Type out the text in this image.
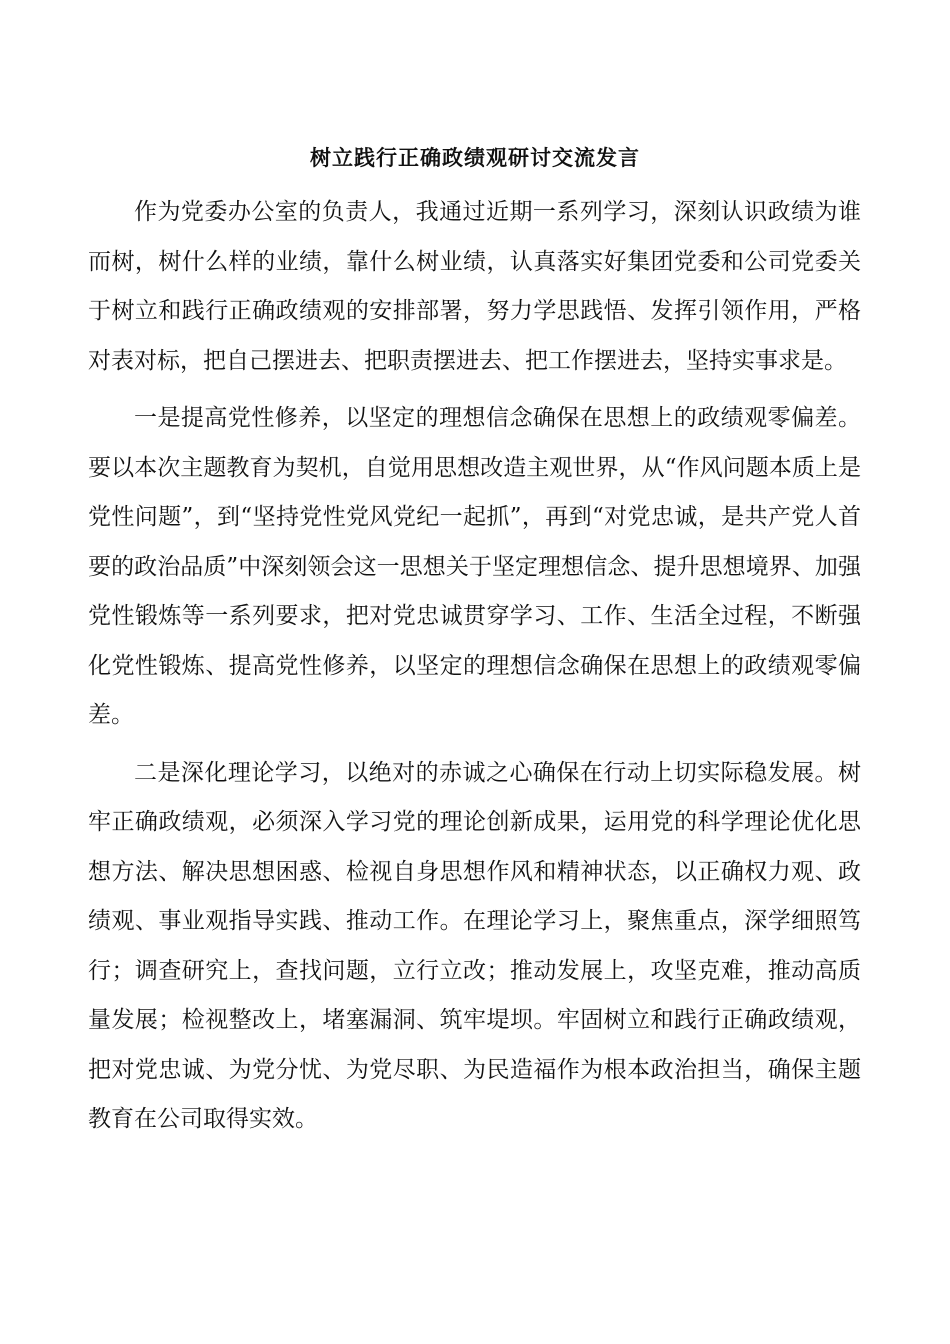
树立践行正确政绩观研讨交流发言

作为党委办公室的负责人，我通过近期一系列学习，深刻认识政绩为谁而树，树什么样的业绩，靠什么树业绩，认真落实好集团党委和公司党委关于树立和践行正确政绩观的安排部署，努力学思践悟、发挥引领作用，严格对表对标，把自己摆进去、把职责摆进去、把工作摆进去，坚持实事求是。

一是提高党性修养，以坚定的理想信念确保在思想上的政绩观零偏差。要以本次主题教育为契机，自觉用思想改造主观世界，从“作风问题本质上是党性问题”，到“坚持党性党风党纪一起抓”，再到“对党忠诚，是共产党人首要的政治品质”中深刻领会这一思想关于坚定理想信念、提升思想境界、加强党性锻炼等一系列要求，把对党忠诚贯穿学习、工作、生活全过程，不断强化党性锻炼、提高党性修养，以坚定的理想信念确保在思想上的政绩观零偏差。

二是深化理论学习，以绝对的赤诚之心确保在行动上切实际稳发展。树牢正确政绩观，必须深入学习党的理论创新成果，运用党的科学理论优化思想方法、解决思想困惑、检视自身思想作风和精神状态，以正确权力观、政绩观、事业观指导实践、推动工作。在理论学习上，聚焦重点，深学细照笃行；调查研究上，查找问题，立行立改；推动发展上，攻坚克难，推动高质量发展；检视整改上，堵塞漏洞、筑牢堤坝。牢固树立和践行正确政绩观，把对党忠诚、为党分忧、为党尽职、为民造福作为根本政治担当，确保主题教育在公司取得实效。
